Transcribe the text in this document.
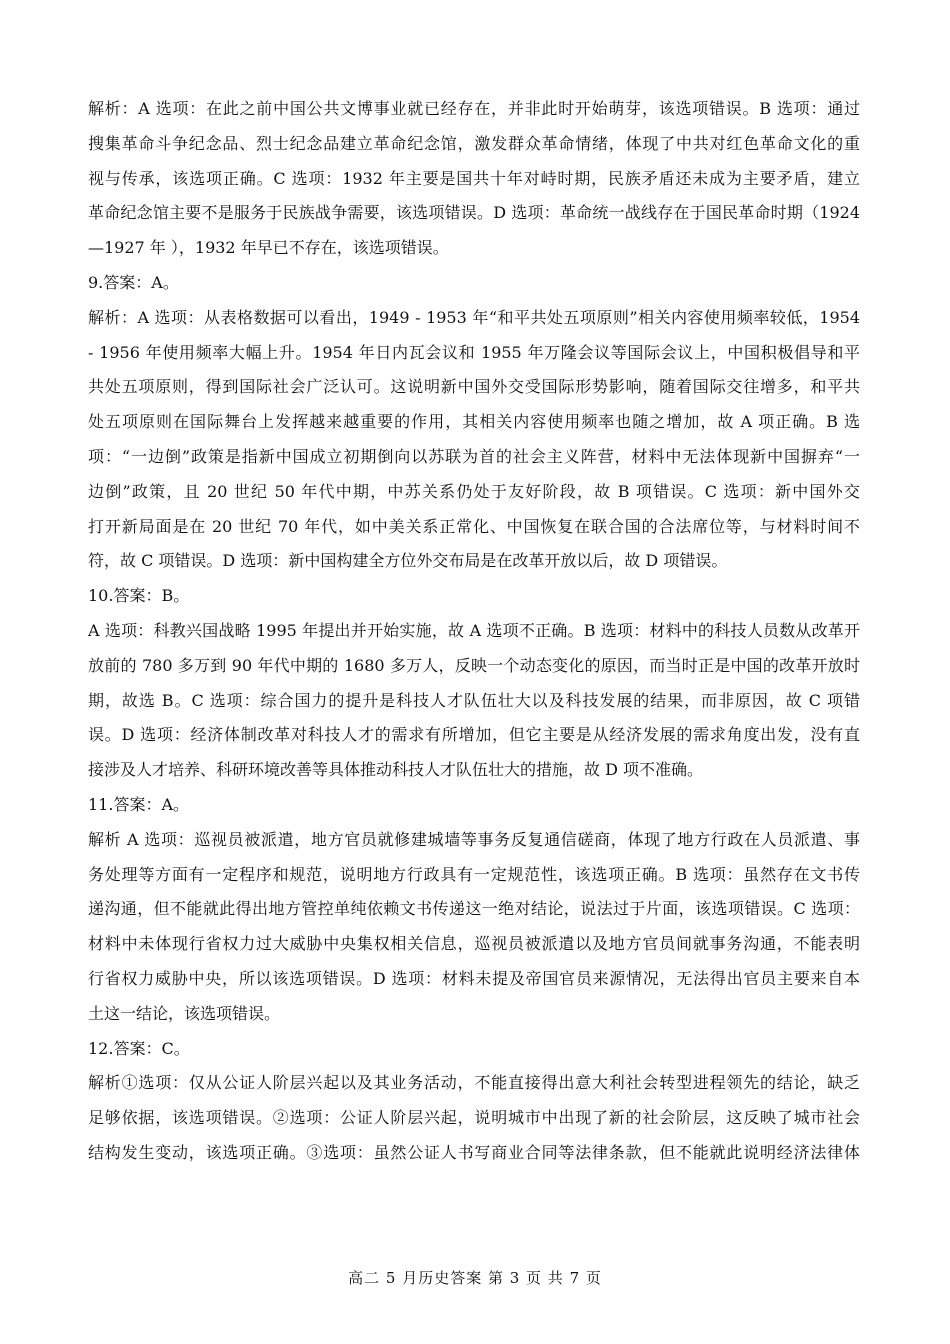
解析：A 选项：在此之前中国公共文博事业就已经存在，并非此时开始萌芽，该选项错误。B 选项：通过
搜集革命斗争纪念品、烈士纪念品建立革命纪念馆，激发群众革命情绪，体现了中共对红色革命文化的重
视与传承，该选项正确。C 选项：1932 年主要是国共十年对峙时期，民族矛盾还未成为主要矛盾，建立
革命纪念馆主要不是服务于民族战争需要，该选项错误。D 选项：革命统一战线存在于国民革命时期（1924
—1927 年 ），1932 年早已不存在，该选项错误。
9.答案：A。
解析：A 选项：从表格数据可以看出，1949 - 1953 年“和平共处五项原则”相关内容使用频率较低，1954
- 1956 年使用频率大幅上升。1954 年日内瓦会议和 1955 年万隆会议等国际会议上，中国积极倡导和平
共处五项原则，得到国际社会广泛认可。这说明新中国外交受国际形势影响，随着国际交往增多，和平共
处五项原则在国际舞台上发挥越来越重要的作用，其相关内容使用频率也随之增加，故 A 项正确。B 选
项：“一边倒”政策是指新中国成立初期倒向以苏联为首的社会主义阵营，材料中无法体现新中国摒弃“一
边倒”政策，且 20 世纪 50 年代中期，中苏关系仍处于友好阶段，故 B 项错误。C 选项：新中国外交
打开新局面是在 20 世纪 70 年代，如中美关系正常化、中国恢复在联合国的合法席位等，与材料时间不
符，故 C 项错误。D 选项：新中国构建全方位外交布局是在改革开放以后，故 D 项错误。
10.答案：B。
A 选项：科教兴国战略 1995 年提出并开始实施，故 A 选项不正确。B 选项：材料中的科技人员数从改革开
放前的 780 多万到 90 年代中期的 1680 多万人，反映一个动态变化的原因，而当时正是中国的改革开放时
期，故选 B。C 选项：综合国力的提升是科技人才队伍壮大以及科技发展的结果，而非原因，故 C 项错
误。D 选项：经济体制改革对科技人才的需求有所增加，但它主要是从经济发展的需求角度出发，没有直
接涉及人才培养、科研环境改善等具体推动科技人才队伍壮大的措施，故 D 项不准确。
11.答案：A。
解析 A 选项：巡视员被派遣，地方官员就修建城墙等事务反复通信磋商，体现了地方行政在人员派遣、事
务处理等方面有一定程序和规范，说明地方行政具有一定规范性，该选项正确。B 选项：虽然存在文书传
递沟通，但不能就此得出地方管控单纯依赖文书传递这一绝对结论，说法过于片面，该选项错误。C 选项：
材料中未体现行省权力过大威胁中央集权相关信息，巡视员被派遣以及地方官员间就事务沟通，不能表明
行省权力威胁中央，所以该选项错误。D 选项：材料未提及帝国官员来源情况，无法得出官员主要来自本
土这一结论，该选项错误。
12.答案：C。
解析①选项：仅从公证人阶层兴起以及其业务活动，不能直接得出意大利社会转型进程领先的结论，缺乏
足够依据，该选项错误。②选项：公证人阶层兴起，说明城市中出现了新的社会阶层，这反映了城市社会
结构发生变动，该选项正确。③选项：虽然公证人书写商业合同等法律条款，但不能就此说明经济法律体
高二 5 月历史答案 第 3 页 共 7 页
